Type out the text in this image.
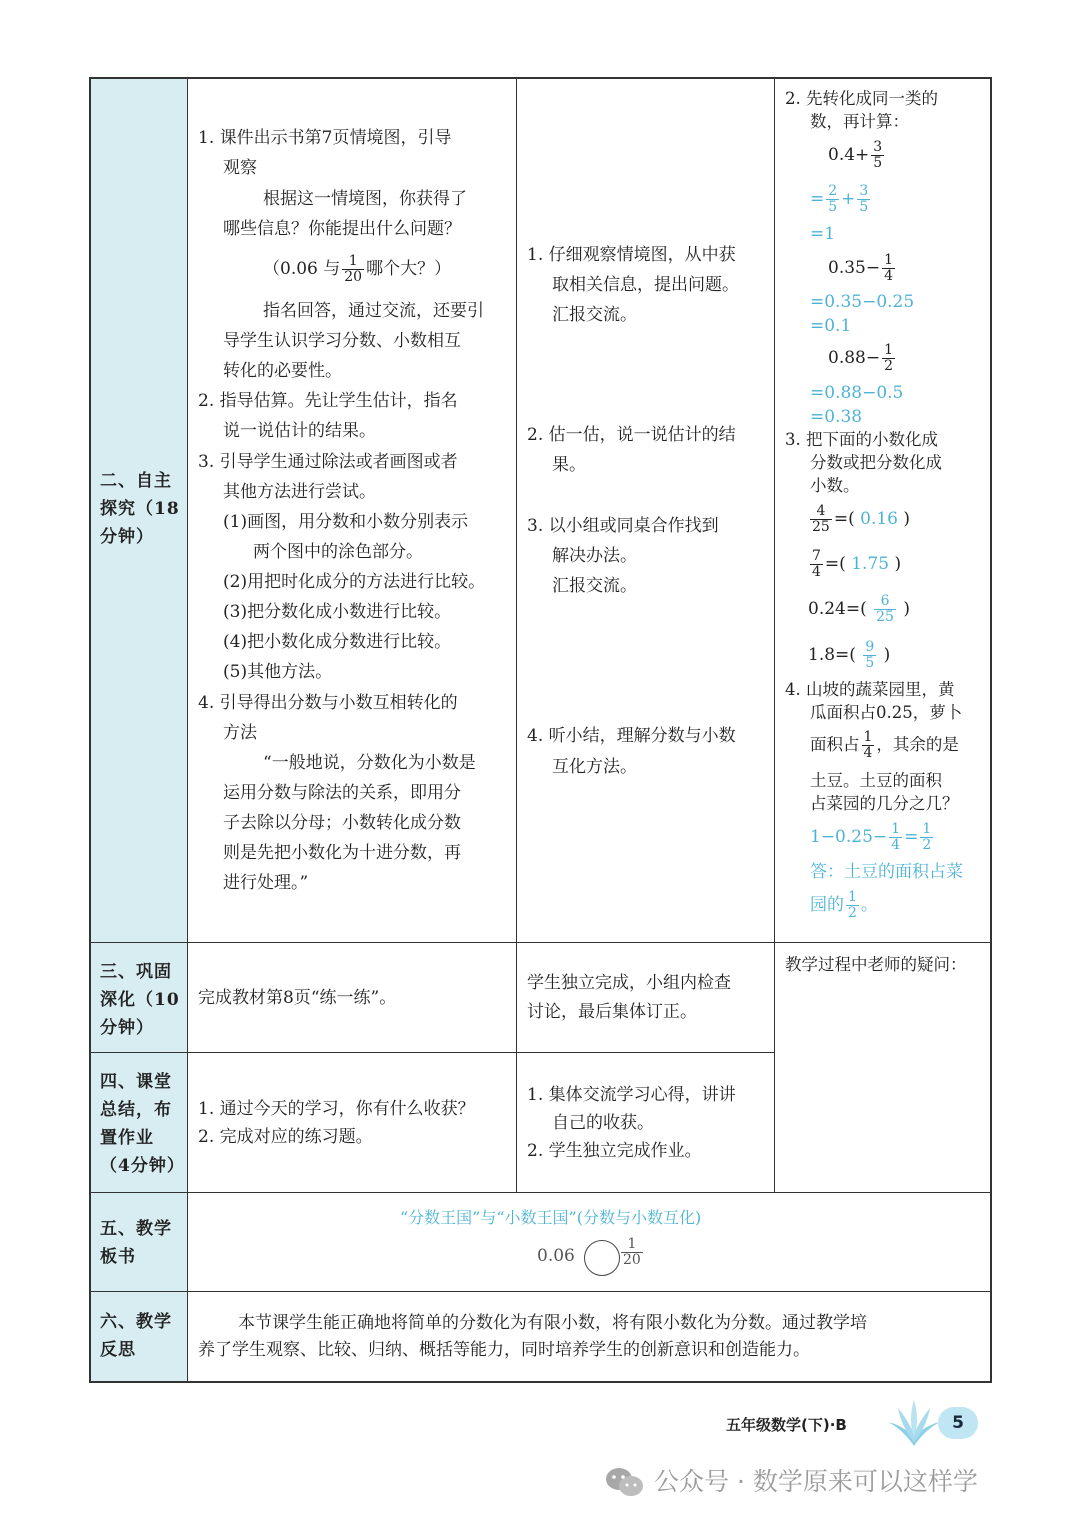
二、自主探究（18分钟）
三、巩固深化（10分钟）
四、课堂总结，布置作业（4分钟）
五、教学板书
六、教学反思
1. 课件出示书第7页情境图，引导
观察
根据这一情境图，你获得了
哪些信息？你能提出什么问题？
（0.06 与 $\frac{1}{20}$ 哪个大？）
指名回答，通过交流，还要引
导学生认识学习分数、小数相互
转化的必要性。
2. 指导估算。先让学生估计，指名
说一说估计的结果。
3. 引导学生通过除法或者画图或者
其他方法进行尝试。
(1)画图，用分数和小数分别表示
两个图中的涂色部分。
(2)用把时化成分的方法进行比较。
(3)把分数化成小数进行比较。
(4)把小数化成分数进行比较。
(5)其他方法。
4. 引导得出分数与小数互相转化的
方法
“一般地说，分数化为小数是
运用分数与除法的关系，即用分
子去除以分母；小数转化成分数
则是先把小数化为十进分数，再
进行处理。”
1. 仔细观察情境图，从中获
取相关信息，提出问题。
汇报交流。
2. 估一估，说一说估计的结
果。
3. 以小组或同桌合作找到
解决办法。
汇报交流。
4. 听小结，理解分数与小数
互化方法。
2. 先转化成同一类的
数，再计算：
$0.4+ \frac{3}{5}$
= $\frac{2}{5} + \frac{3}{5}$
=1
$0.35- \frac{1}{4}$
=0.35−0.25
=0.1
$0.88- \frac{1}{2}$
=0.88−0.5
=0.38
3. 把下面的小数化成
分数或把分数化成
小数。
$\frac{4}{25}$ =( 0.16 )
$\frac{7}{4}$ =( 1.75 )
$0.24=( \frac{6}{25}$ )
$1.8=( \frac{9}{5}$ )
4. 山坡的蔬菜园里，黄
瓜面积占0.25，萝卜
面积占 $\frac{1}{4}$ ，其余的是
土豆。土豆的面积
占菜园的几分之几？
$1-0.25- \frac{1}{4} = \frac{1}{2}$
答：土豆的面积占菜
园的 $\frac{1}{2}$ 。
完成教材第8页“练一练”。
学生独立完成，小组内检查
讨论，最后集体订正。
教学过程中老师的疑问：
1. 通过今天的学习，你有什么收获？
2. 完成对应的练习题。
1. 集体交流学习心得，讲讲
自己的收获。
2. 学生独立完成作业。
“分数王国”与“小数王国”(分数与小数互化)
0.06	$\frac{1}{20}$
本节课学生能正确地将简单的分数化为有限小数，将有限小数化为分数。通过教学培
养了学生观察、比较、归纳、概括等能力，同时培养学生的创新意识和创造能力。
五年级数学(下)·B	5
公众号 · 数学原来可以这样学
